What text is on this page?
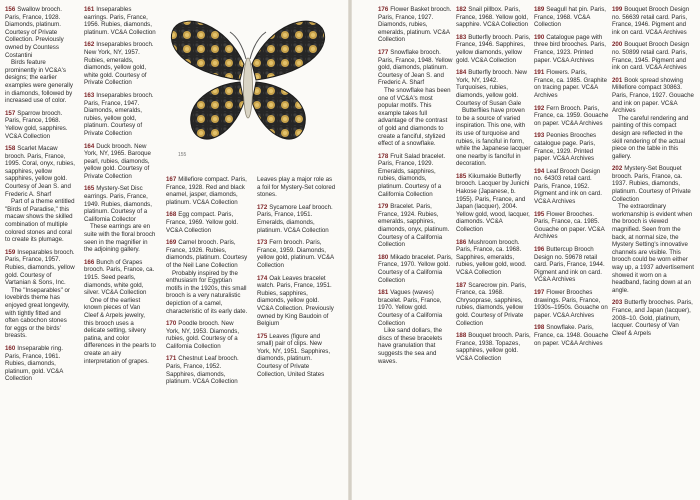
155
156 Swallow brooch. Paris, France, 1928. Diamonds, platinum. Courtesy of Private Collection. Previously owned by Countess Costantini

Birds feature prominently in VC&A's designs; the earlier examples were generally in diamonds, followed by increased use of color.

157 Sparrow brooch. Paris, France, 1968. Yellow gold, sapphires. VC&A Collection
158 Scarlet Macaw brooch. Paris, France, 1995. Coral, onyx, rubies, sapphires, yellow sapphires, yellow gold. Courtesy of Jean S. and Frederic A. Sharf

Part of a theme entitled "Birds of Paradise," this macaw shows the skilled combination of multiple colored stones and coral to create its plumage.

159 Inseparables brooch. Paris, France, 1957. Rubies, diamonds, yellow gold. Courtesy of Vartanian & Sons, Inc.

The "Inseparables" or lovebirds theme has enjoyed great longevity, with tightly fitted and often cabochon stones for eggs or the birds' breasts.

160 Inseparable ring. Paris, France, 1961. Rubies, diamonds, platinum, gold. VC&A Collection
161 Inseparables earrings. Paris, France, 1956. Rubies, diamonds, platinum. VC&A Collection
162 Inseparables brooch. New York, NY, 1957. Rubies, emeralds, diamonds, yellow gold, white gold. Courtesy of Private Collection
163 Inseparables brooch. Paris, France, 1947. Diamonds, emeralds, rubies, yellow gold, platinum. Courtesy of Private Collection
164 Duck brooch. New York, NY, 1965. Baroque pearl, rubies, diamonds, yellow gold. Courtesy of Private Collection
165 Mystery-Set Disc earrings. Paris, France, 1949. Rubies, diamonds, platinum. Courtesy of a California Collector

These earrings are en suite with the floral brooch seen in the magnifier in the adjoining gallery.

166 Bunch of Grapes brooch. Paris, France, ca. 1915. Seed pearls, diamonds, white gold, silver. VC&A Collection

One of the earliest known pieces of Van Cleef & Arpels jewelry, this brooch uses a delicate setting, silvery patina, and color differences in the pearls to create an airy interpretation of grapes.

167 Millefiore compact. Paris, France, 1928. Red and black enamel, jasper, diamonds, platinum. VC&A Collection
168 Egg compact. Paris, France, 1969. Yellow gold. VC&A Collection
169 Camel brooch. Paris, France, 1926. Rubies, diamonds, platinum. Courtesy of the Neil Lane Collection

Probably inspired by the enthusiasm for Egyptian motifs in the 1920s, this small brooch is a very naturalistic depiction of a camel, characteristic of its early date.

170 Poodle brooch. New York, NY, 1953. Diamonds, rubies, gold. Courtesy of a California Collection
171 Chestnut Leaf brooch. Paris, France, 1952. Sapphires, diamonds, platinum. VC&A Collection
Leaves play a major role as a foil for Mystery-Set colored stones.
172 Sycamore Leaf brooch. Paris, France, 1951. Emeralds, diamonds, platinum. VC&A Collection
173 Fern brooch. Paris, France, 1959. Diamonds, yellow gold, platinum. VC&A Collection
174 Oak Leaves bracelet watch. Paris, France, 1951. Rubies, sapphires, diamonds, yellow gold. VC&A Collection. Previously owned by King Baudoin of Belgium
175 Leaves (figure and small) pair of clips. New York, NY, 1951. Sapphires, diamonds, platinum. Courtesy of Private Collection, United States
176 Flower Basket brooch. Paris, France, 1927. Diamonds, rubies, emeralds, platinum. VC&A Collection
177 Snowflake brooch. Paris, France, 1948. Yellow gold, diamonds, platinum. Courtesy of Jean S. and Frederic A. Sharf

The snowflake has been one of VC&A's most popular motifs. This example takes full advantage of the contrast of gold and diamonds to create a fanciful, stylized effect of a snowflake.

178 Fruit Salad bracelet. Paris, France, 1929. Emeralds, sapphires, rubies, diamonds, platinum. Courtesy of a California Collection
179 Bracelet. Paris, France, 1924. Rubies, emeralds, sapphires, diamonds, onyx, platinum. Courtesy of a California Collection
180 Mikado bracelet. Paris, France, 1970. Yellow gold. Courtesy of a California Collection
181 Vagues (waves) bracelet. Paris, France, 1970. Yellow gold. Courtesy of a California Collection

Like sand dollars, the discs of these bracelets have granulation that suggests the sea and waves.

182 Snail pillbox. Paris, France, 1968. Yellow gold, sapphire. VC&A Collection
183 Butterfly brooch. Paris, France, 1946. Sapphires, yellow diamonds, yellow gold. VC&A Collection
184 Butterfly brooch. New York, NY, 1942. Turquoises, rubies, diamonds, yellow gold. Courtesy of Susan Gale

Butterflies have proven to be a source of varied inspiration. This one, with its use of turquoise and rubies, is fanciful in form, while the Japanese lacquer one nearby is fanciful in decoration.

185 Kikumakie Butterfly brooch. Lacquer by Junichi Hakose (Japanese, b. 1955). Paris, France, and Japan (lacquer), 2004. Yellow gold, wood, lacquer, diamonds. VC&A Collection
186 Mushroom brooch. Paris, France, ca. 1968. Sapphires, emeralds, rubies, yellow gold, wood. VC&A Collection
187 Scarecrow pin. Paris, France, ca. 1968. Chrysoprase, sapphires, rubies, diamonds, yellow gold. Courtesy of Private Collection
188 Bouquet brooch. Paris, France, 1938. Topazes, sapphires, yellow gold. VC&A Collection
189 Seagull hat pin. Paris, France, 1968. VC&A Collection
190 Catalogue page with three bird brooches. Paris, France, 1923. Printed paper. VC&A Archives
191 Flowers. Paris, France, ca. 1985. Graphite on tracing paper. VC&A Archives
192 Fern Brooch. Paris, France, ca. 1959. Gouache on paper. VC&A Archives
193 Peonies Brooches catalogue page. Paris, France, 1929. Printed paper. VC&A Archives
194 Leaf Brooch Design no. 64303 retail card. Paris, France, 1952. Pigment and ink on card. VC&A Archives
195 Flower Brooches. Paris, France, ca. 1985. Gouache on paper. VC&A Archives
196 Buttercup Brooch Design no. 59678 retail card. Paris, France, 1944. Pigment and ink on card. VC&A Archives
197 Flower Brooches drawings. Paris, France, 1930s–1950s. Gouache on paper. VC&A Archives
198 Snowflake. Paris, France, ca. 1948. Gouache on paper. VC&A Archives
199 Bouquet Brooch Design no. 56639 retail card. Paris, France, 1946. Pigment and ink on card. VC&A Archives
200 Bouquet Brooch Design no. 50899 retail card. Paris, France, 1945. Pigment and ink on card. VC&A Archives
201 Book spread showing Millefiore compact 30863. Paris, France, 1927. Gouache and ink on paper. VC&A Archives

The careful rendering and painting of this compact design are reflected in the skill rendering of the actual piece on the table in this gallery.

202 Mystery-Set Bouquet brooch. Paris, France, ca. 1937. Rubies, diamonds, platinum. Courtesy of Private Collection

The extraordinary workmanship is evident when the brooch is viewed magnified. Seen from the back, at normal size, the Mystery Setting's innovative channels are visible. This brooch could be worn either way up, a 1937 advertisement showed it worn on a headband, facing down at an angle.

203 Butterfly brooches. Paris, France, and Japan (lacquer), 2008–10. Gold, platinum, lacquer. Courtesy of Van Cleef & Arpels
